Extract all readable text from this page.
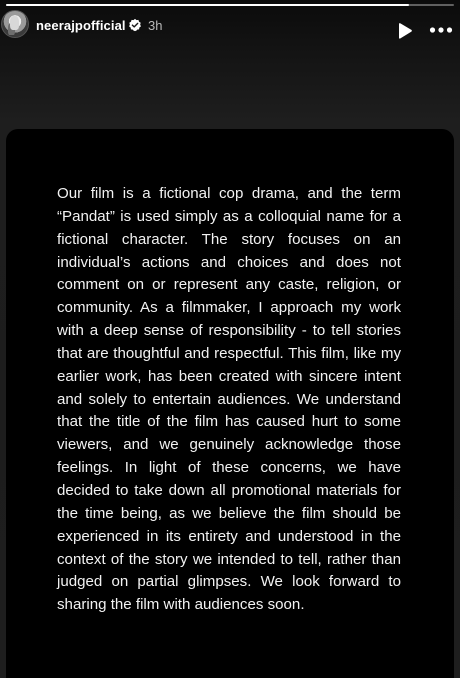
neerajpofficial 3h

Our film is a fictional cop drama, and the term “Pandat” is used simply as a colloquial name for a fictional character. The story focuses on an individual’s actions and choices and does not comment on or represent any caste, religion, or community. As a filmmaker, I approach my work with a deep sense of responsibility - to tell stories that are thoughtful and respectful. This film, like my earlier work, has been created with sincere intent and solely to entertain audiences. We understand that the title of the film has caused hurt to some viewers, and we genuinely acknowledge those feelings. In light of these concerns, we have decided to take down all promotional materials for the time being, as we believe the film should be experienced in its entirety and understood in the context of the story we intended to tell, rather than judged on partial glimpses. We look forward to sharing the film with audiences soon.
